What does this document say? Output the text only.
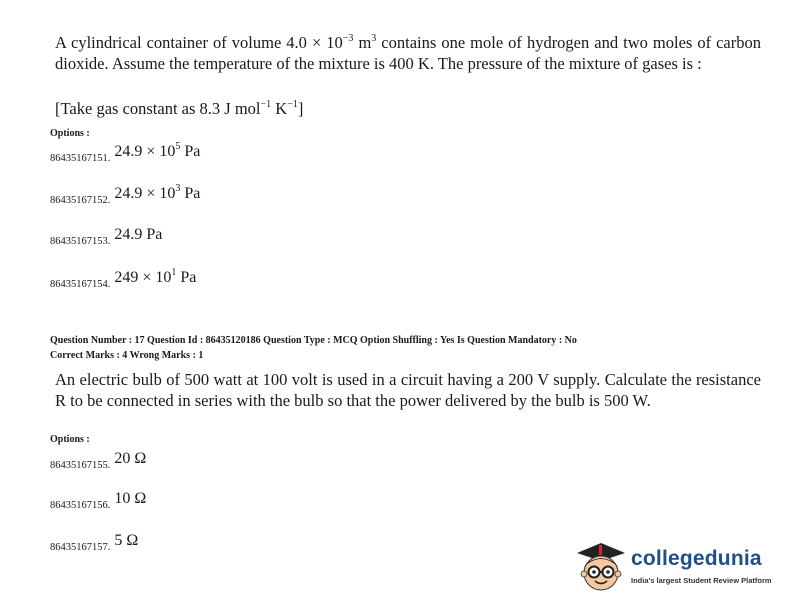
A cylindrical container of volume $4.0 \times 10^{-3}$ $m^3$ contains one mole of hydrogen and two moles of carbon dioxide. Assume the temperature of the mixture is 400 K. The pressure of the mixture of gases is :
[Take gas constant as 8.3 J mol$^{-1}$ $K^{-1}$]
Options :
86435167151. $24.9 \times 10^5$ Pa
86435167152. $24.9 \times 10^3$ Pa
86435167153. 24.9 Pa
86435167154. $249 \times 10^1$ Pa
Question Number : 17 Question Id : 86435120186 Question Type : MCQ Option Shuffling : Yes Is Question Mandatory : No
Correct Marks : 4 Wrong Marks : 1
An electric bulb of 500 watt at 100 volt is used in a circuit having a 200 V supply. Calculate the resistance R to be connected in series with the bulb so that the power delivered by the bulb is 500 W.
Options :
86435167155. 20 Ω
86435167156. 10 Ω
86435167157. 5 Ω
collegedunia
India's largest Student Review Platform
